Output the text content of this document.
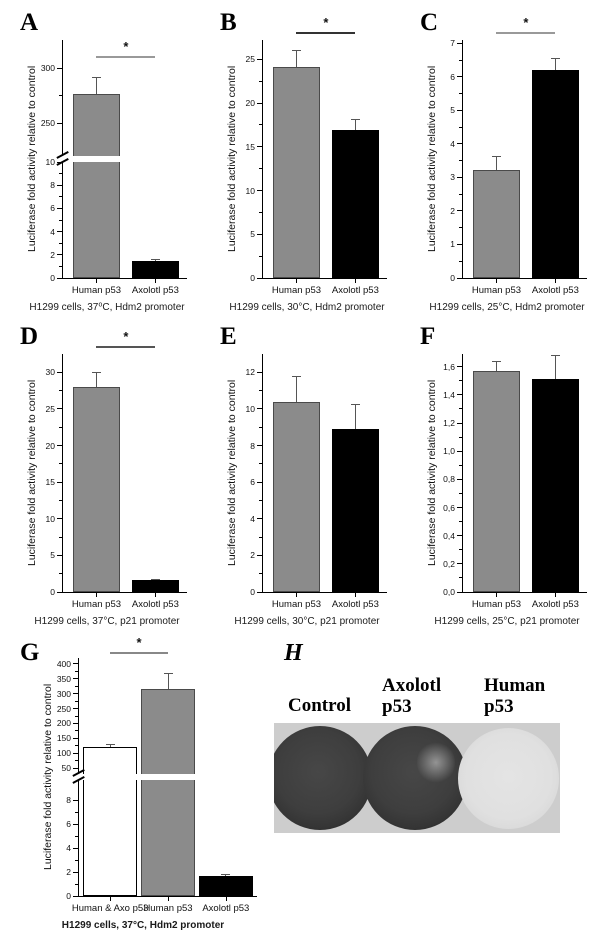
A
Luciferase fold activity relative to control
0
2
4
6
8
10
250
300
Human p53 Axolotl p53
*
H1299 cells, 37⁰C, Hdm2 promoter
B
Luciferase fold activity relative to control
0
5
10
15
20
25
Human p53 Axolotl p53
*
H1299 cells, 30°C, Hdm2 promoter
C
Luciferase fold activity relative to control
0
1
2
3
4
5
6
7
Human p53 Axolotl p53
*
H1299 cells, 25°C, Hdm2 promoter
D
Luciferase fold activity relative to control
0
5
10
15
20
25
30
Human p53 Axolotl p53
*
H1299 cells, 37°C, p21 promoter
E
Luciferase fold activity relative to control
0
2
4
6
8
10
12
Human p53 Axolotl p53
H1299 cells, 30°C, p21 promoter
F
Luciferase fold activity relative to control
0,0
0,2
0,4
0,6
0,8
1,0
1,2
1,4
1,6
Human p53 Axolotl p53
H1299 cells, 25°C, p21 promoter
G
Luciferase fold activity relative to control
0
2
4
6
8
50
100
150
200
250
300
350
400
Human & Axo p53
Human p53 Axolotl p53
*
H1299 cells, 37°C, Hdm2 promoter
H
Control
Axolotl p53
Human p53
